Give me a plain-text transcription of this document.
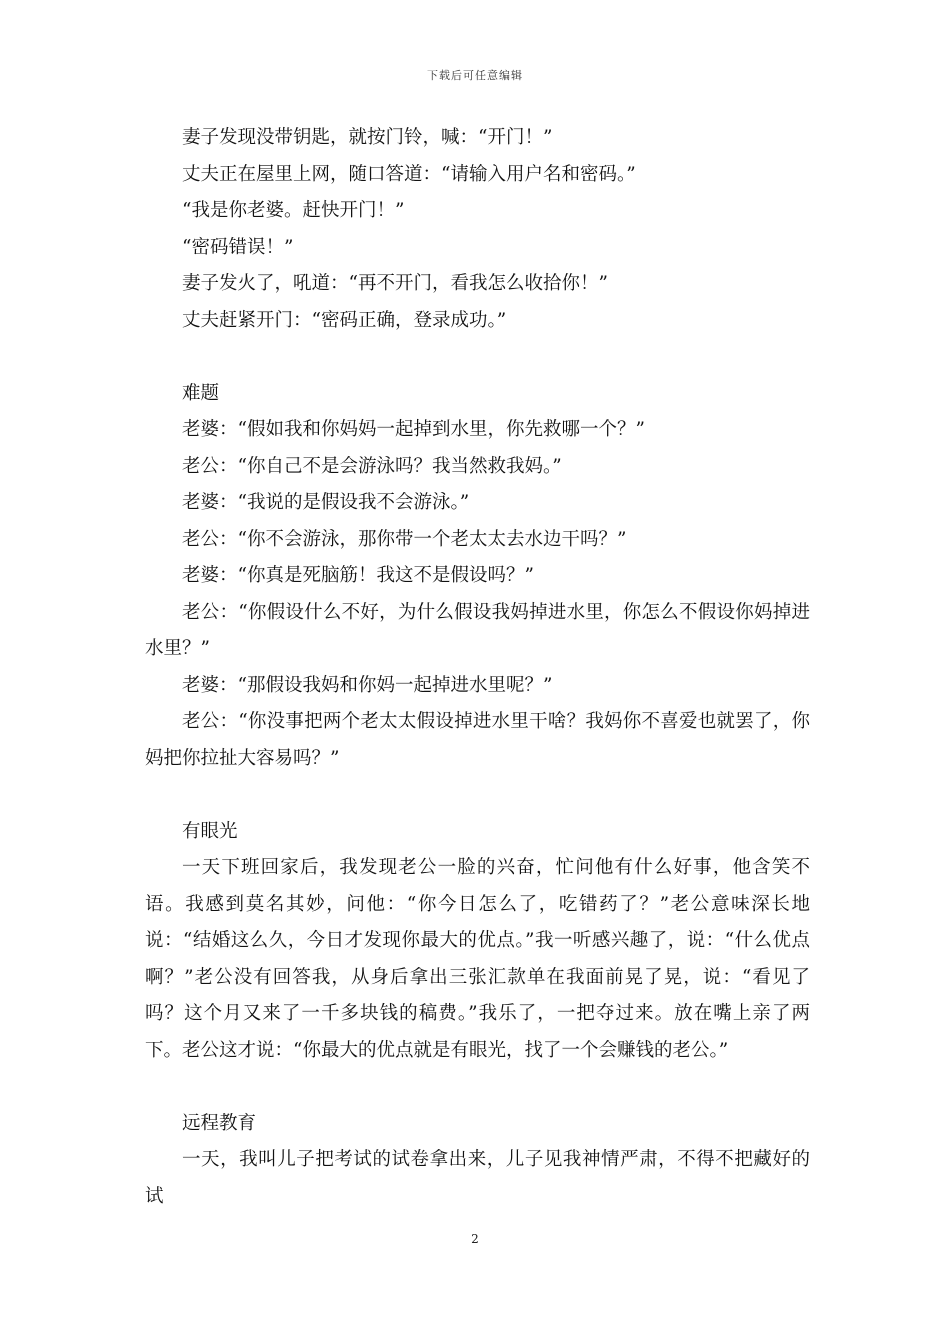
下载后可任意编辑

妻子发现没带钥匙，就按门铃，喊：“开门！”

丈夫正在屋里上网，随口答道：“请输入用户名和密码。”

“我是你老婆。赶快开门！”

“密码错误！”

妻子发火了，吼道：“再不开门，看我怎么收拾你！”

丈夫赶紧开门：“密码正确，登录成功。”

难题

老婆：“假如我和你妈妈一起掉到水里，你先救哪一个？”

老公：“你自己不是会游泳吗？我当然救我妈。”

老婆：“我说的是假设我不会游泳。”

老公：“你不会游泳，那你带一个老太太去水边干吗？”

老婆：“你真是死脑筋！我这不是假设吗？”

老公：“你假设什么不好，为什么假设我妈掉进水里，你怎么不假设你妈掉进水里？”

老婆：“那假设我妈和你妈一起掉进水里呢？”

老公：“你没事把两个老太太假设掉进水里干啥？我妈你不喜爱也就罢了，你妈把你拉扯大容易吗？”

有眼光

一天下班回家后，我发现老公一脸的兴奋，忙问他有什么好事，他含笑不语。我感到莫名其妙，问他：“你今日怎么了，吃错药了？”老公意味深长地说：“结婚这么久，今日才发现你最大的优点。”我一听感兴趣了，说：“什么优点啊？”老公没有回答我，从身后拿出三张汇款单在我面前晃了晃，说：“看见了吗？这个月又来了一千多块钱的稿费。”我乐了，一把夺过来。放在嘴上亲了两下。老公这才说：“你最大的优点就是有眼光，找了一个会赚钱的老公。”

远程教育

一天，我叫儿子把考试的试卷拿出来，儿子见我神情严肃，不得不把藏好的试

2
